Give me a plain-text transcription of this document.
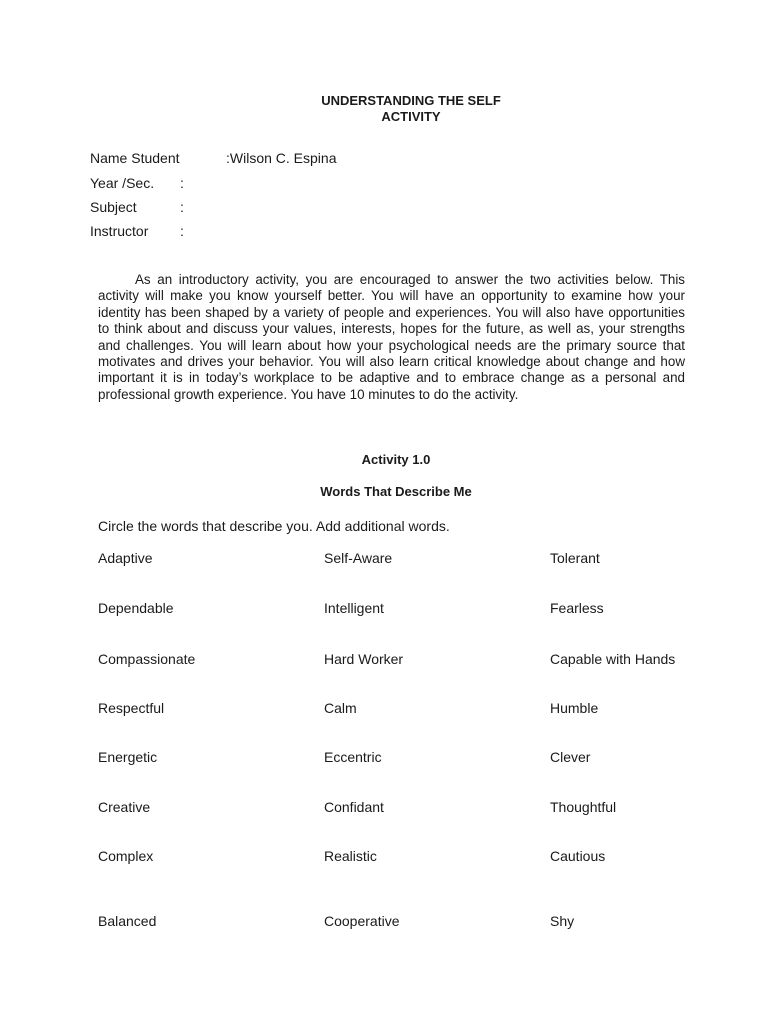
UNDERSTANDING THE SELF
ACTIVITY
Name Student	:Wilson C. Espina
Year /Sec. :
Subject	:
Instructor :

As an introductory activity, you are encouraged to answer the two activities below. This activity will make you know yourself better. You will have an opportunity to examine how your identity has been shaped by a variety of people and experiences. You will also have opportunities to think about and discuss your values, interests, hopes for the future, as well as, your strengths and challenges. You will learn about how your psychological needs are the primary source that motivates and drives your behavior. You will also learn critical knowledge about change and how important it is in today’s workplace to be adaptive and to embrace change as a personal and professional growth experience. You have 10 minutes to do the activity.

Activity 1.0
Words That Describe Me
Circle the words that describe you. Add additional words.
Adaptive	Self-Aware	Tolerant
Dependable	Intelligent	Fearless
Compassionate	Hard Worker	Capable with Hands
Respectful	Calm	Humble
Energetic	Eccentric	Clever
Creative	Confidant	Thoughtful
Complex	Realistic	Cautious
Balanced	Cooperative	Shy
